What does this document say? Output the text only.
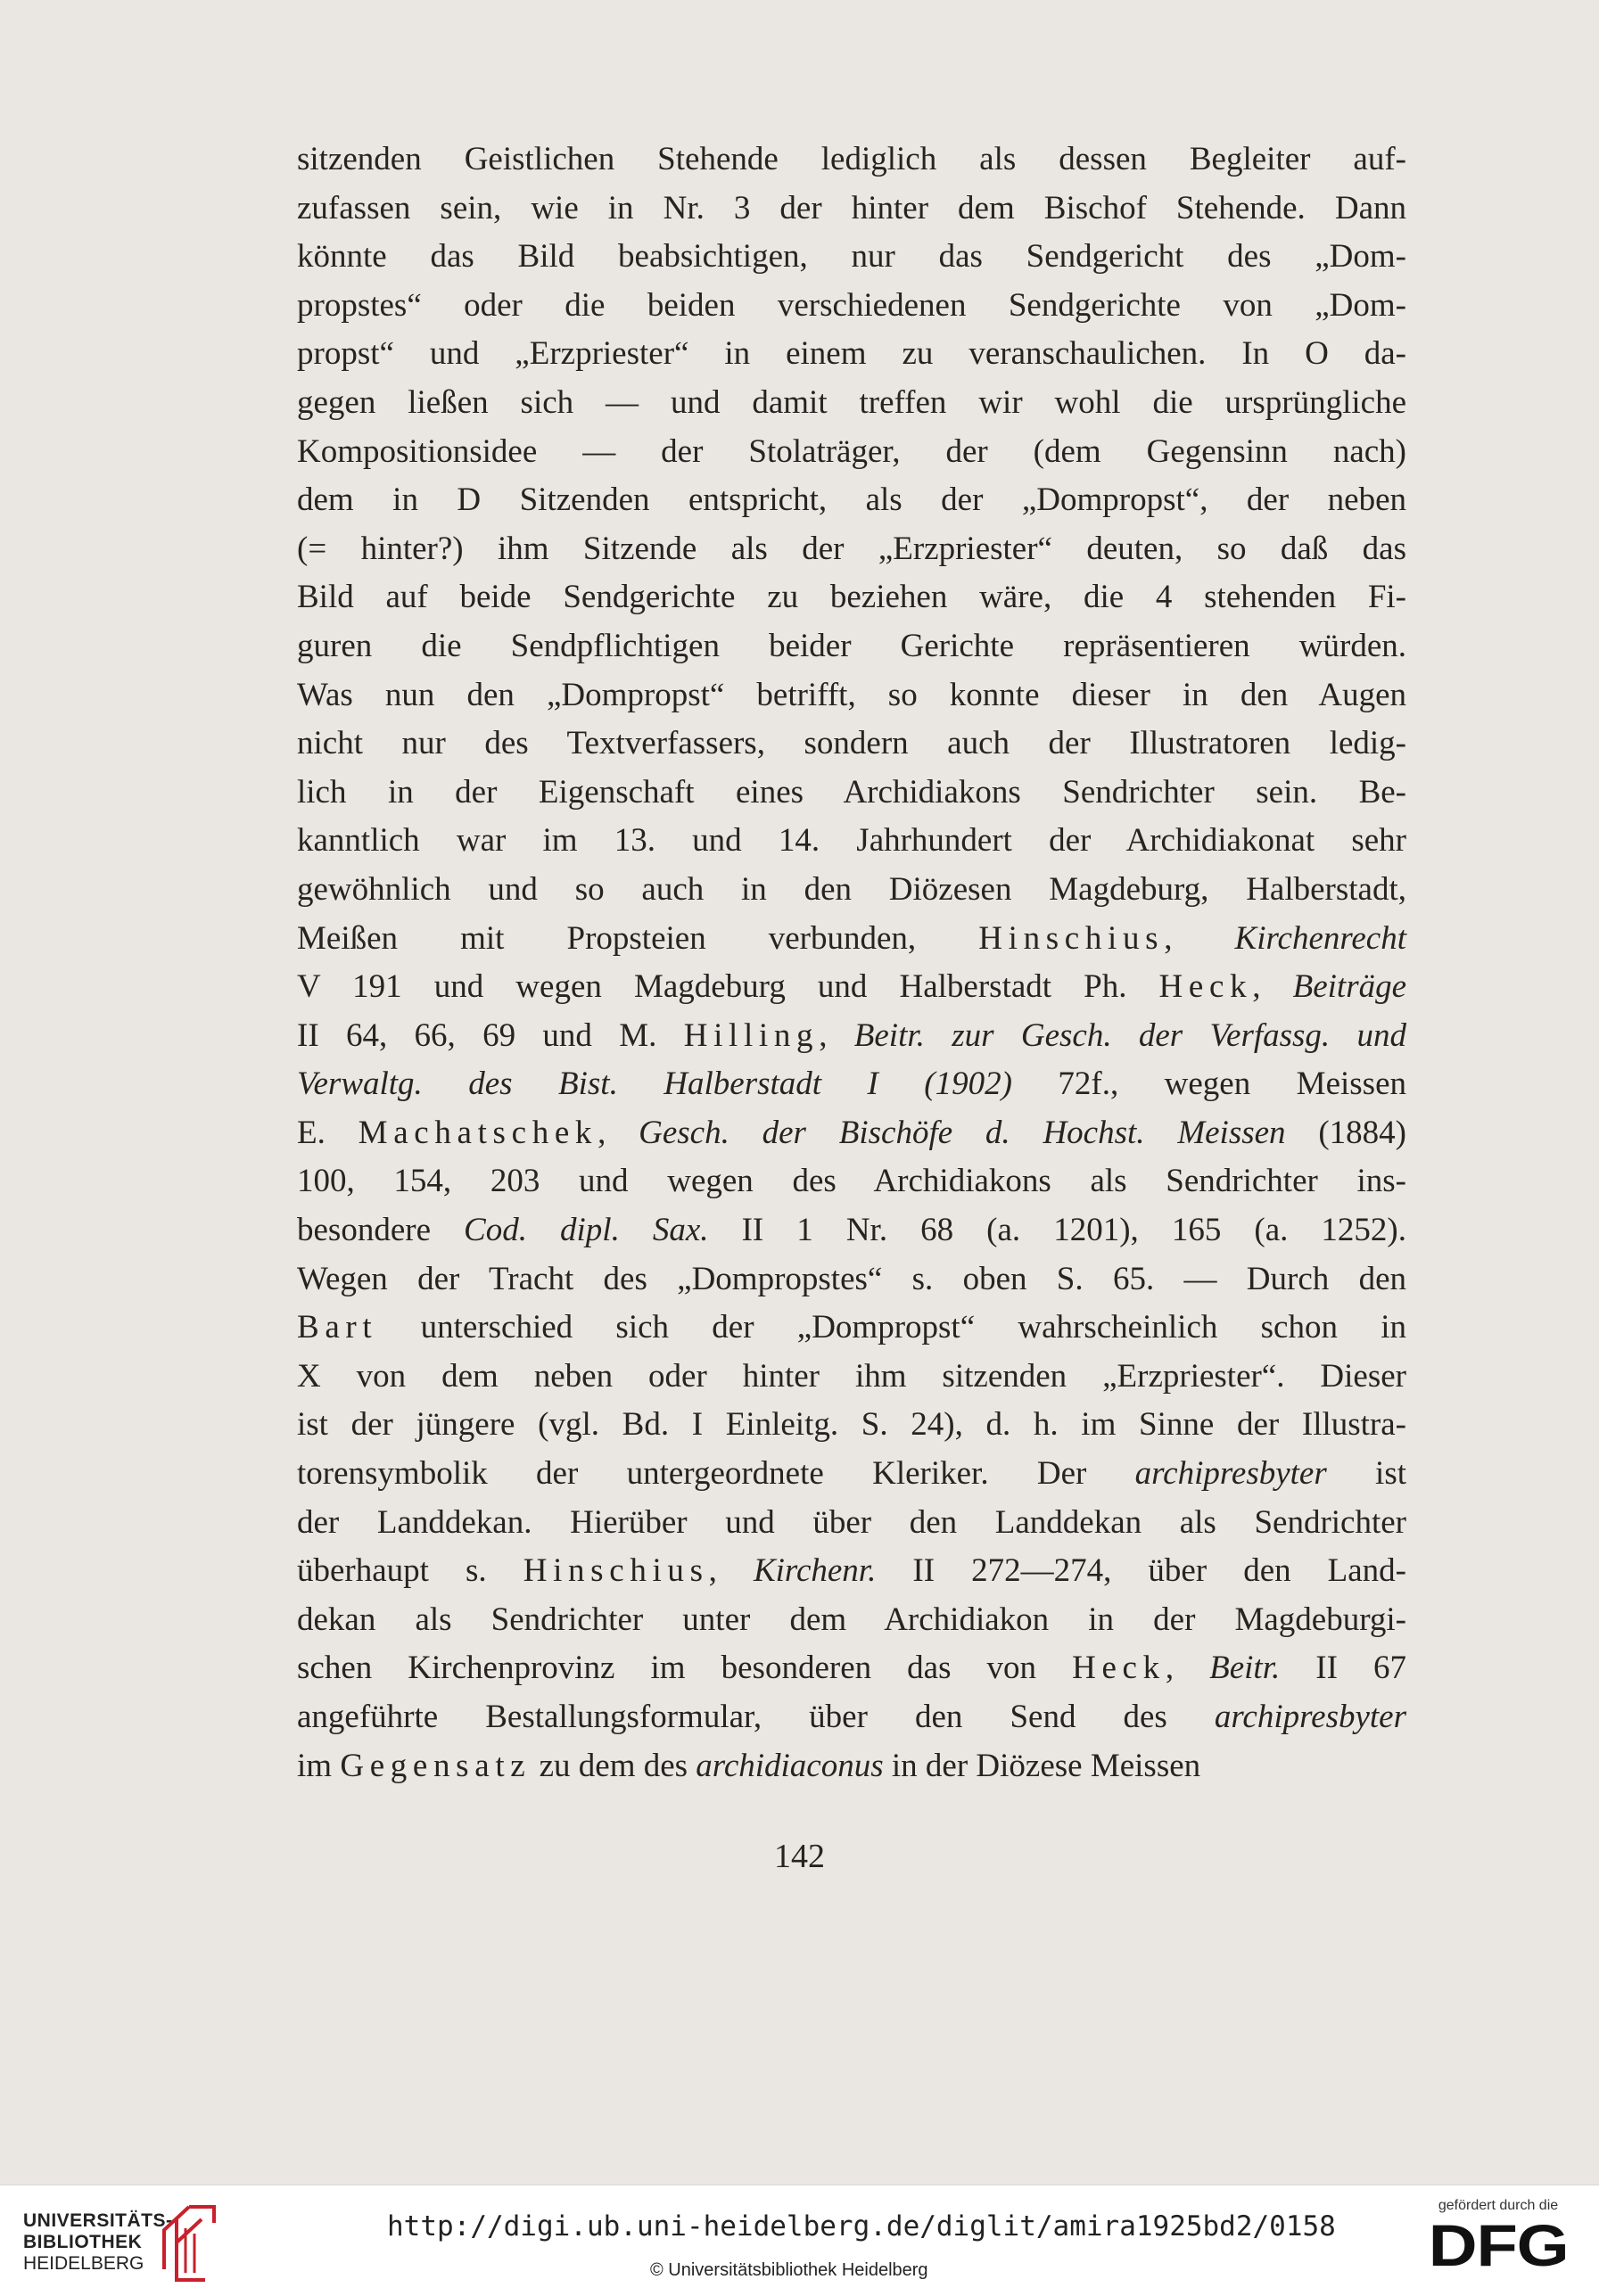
sitzenden Geistlichen Stehende lediglich als dessen Begleiter auf-
zufassen sein, wie in Nr. 3 der hinter dem Bischof Stehende. Dann
könnte das Bild beabsichtigen, nur das Sendgericht des „Dom-
propstes“ oder die beiden verschiedenen Sendgerichte von „Dom-
propst“ und „Erzpriester“ in einem zu veranschaulichen. In O da-
gegen ließen sich — und damit treffen wir wohl die ursprüngliche
Kompositionsidee — der Stolaträger, der (dem Gegensinn nach)
dem in D Sitzenden entspricht, als der „Dompropst“, der neben
(= hinter?) ihm Sitzende als der „Erzpriester“ deuten, so daß das
Bild auf beide Sendgerichte zu beziehen wäre, die 4 stehenden Fi-
guren die Sendpflichtigen beider Gerichte repräsentieren würden.
Was nun den „Dompropst“ betrifft, so konnte dieser in den Augen
nicht nur des Textverfassers, sondern auch der Illustratoren ledig-
lich in der Eigenschaft eines Archidiakons Sendrichter sein. Be-
kanntlich war im 13. und 14. Jahrhundert der Archidiakonat sehr
gewöhnlich und so auch in den Diözesen Magdeburg, Halberstadt,
Meißen mit Propsteien verbunden, Hinschius, Kirchenrecht
V 191 und wegen Magdeburg und Halberstadt Ph. Heck, Beiträge
II 64, 66, 69 und M. Hilling, Beitr. zur Gesch. der Verfassg. und
Verwaltg. des Bist. Halberstadt I (1902) 72f., wegen Meissen
E. Machatschek, Gesch. der Bischöfe d. Hochst. Meissen (1884)
100, 154, 203 und wegen des Archidiakons als Sendrichter ins-
besondere Cod. dipl. Sax. II 1 Nr. 68 (a. 1201), 165 (a. 1252).
Wegen der Tracht des „Dompropstes“ s. oben S. 65. — Durch den
Bart unterschied sich der „Dompropst“ wahrscheinlich schon in
X von dem neben oder hinter ihm sitzenden „Erzpriester“. Dieser
ist der jüngere (vgl. Bd. I Einleitg. S. 24), d. h. im Sinne der Illustra-
torensymbolik der untergeordnete Kleriker. Der archipresbyter ist
der Landdekan. Hierüber und über den Landdekan als Sendrichter
überhaupt s. Hinschius, Kirchenr. II 272—274, über den Land-
dekan als Sendrichter unter dem Archidiakon in der Magdeburgi-
schen Kirchenprovinz im besonderen das von Heck, Beitr. II 67
angeführte Bestallungsformular, über den Send des archipresbyter
im Gegensatz zu dem des archidiaconus in der Diözese Meissen
142
UNIVERSITÄTS-
BIBLIOTHEK
HEIDELBERG
http://digi.ub.uni-heidelberg.de/diglit/amira1925bd2/0158
© Universitätsbibliothek Heidelberg
gefördert durch die
DFG
